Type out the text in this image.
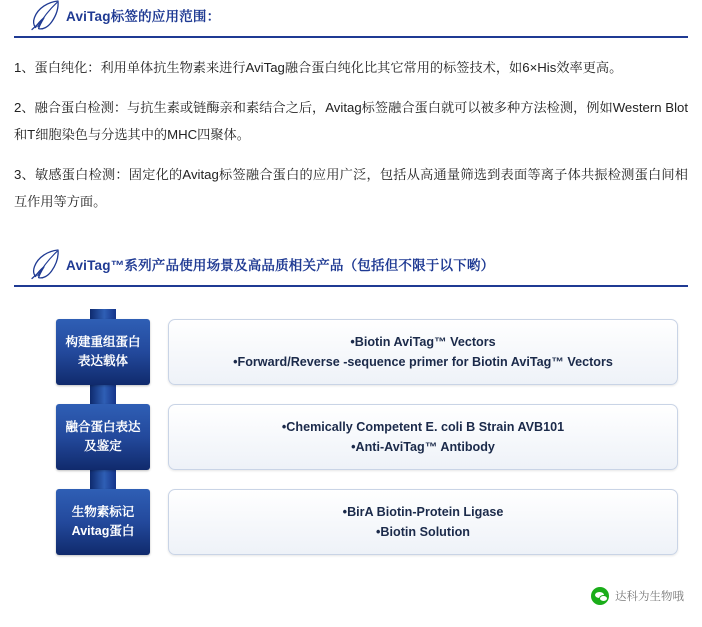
AviTag标签的应用范围：

1、蛋白纯化：利用单体抗生物素来进行AviTag融合蛋白纯化比其它常用的标签技术，如6×His效率更高。

2、融合蛋白检测：与抗生素或链酶亲和素结合之后，Avitag标签融合蛋白就可以被多种方法检测，例如Western Blot和T细胞染色与分选其中的MHC四聚体。

3、敏感蛋白检测：固定化的Avitag标签融合蛋白的应用广泛，包括从高通量筛选到表面等离子体共振检测蛋白间相互作用等方面。

AviTag™系列产品使用场景及高品质相关产品（包括但不限于以下哟）
构建重组蛋白
表达载体
•Biotin AviTag™ Vectors
•Forward/Reverse -sequence primer for Biotin AviTag™ Vectors
融合蛋白表达
及鉴定
•Chemically Competent E. coli B Strain AVB101
•Anti-AviTag™ Antibody
生物素标记
Avitag蛋白
•BirA Biotin-Protein Ligase
•Biotin Solution
达科为生物哦
